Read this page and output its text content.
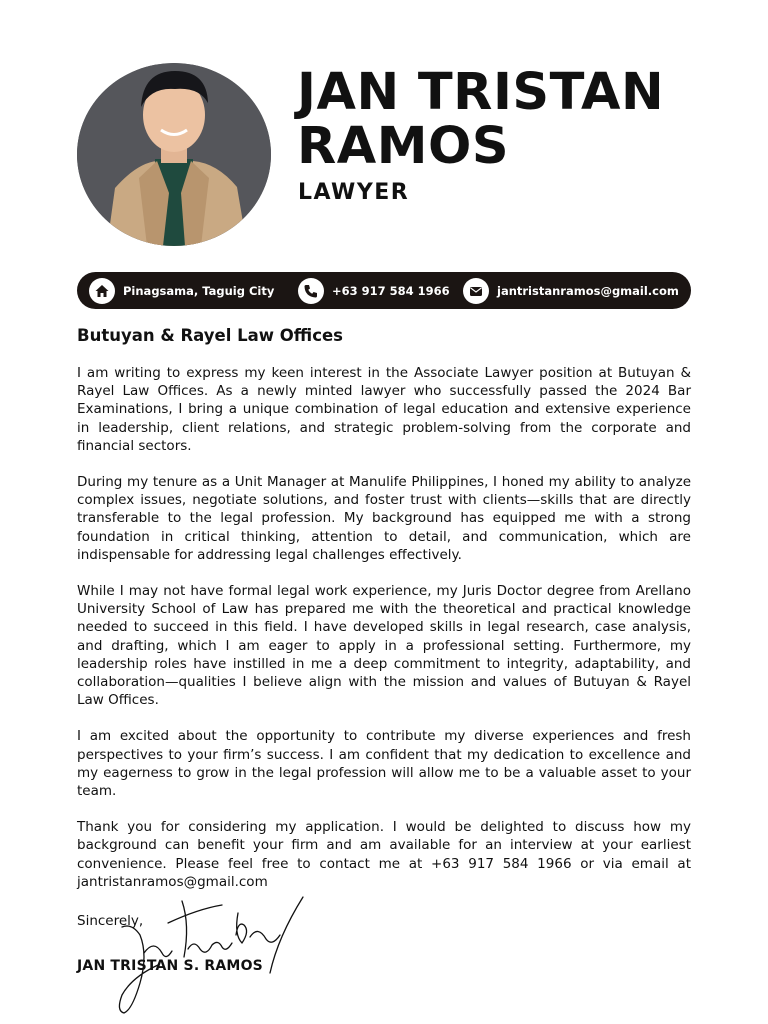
JAN TRISTAN RAMOS
LAWYER
Pinagsama, Taguig City	+63 917 584 1966	jantristanramos@gmail.com
Butuyan & Rayel Law Offices

I am writing to express my keen interest in the Associate Lawyer position at Butuyan & Rayel Law Offices. As a newly minted lawyer who successfully passed the 2024 Bar Examinations, I bring a unique combination of legal education and extensive experience in leadership, client relations, and strategic problem-solving from the corporate and financial sectors.

During my tenure as a Unit Manager at Manulife Philippines, I honed my ability to analyze complex issues, negotiate solutions, and foster trust with clients—skills that are directly transferable to the legal profession. My background has equipped me with a strong foundation in critical thinking, attention to detail, and communication, which are indispensable for addressing legal challenges effectively.

While I may not have formal legal work experience, my Juris Doctor degree from Arellano University School of Law has prepared me with the theoretical and practical knowledge needed to succeed in this field. I have developed skills in legal research, case analysis, and drafting, which I am eager to apply in a professional setting. Furthermore, my leadership roles have instilled in me a deep commitment to integrity, adaptability, and collaboration—qualities I believe align with the mission and values of Butuyan & Rayel Law Offices.

I am excited about the opportunity to contribute my diverse experiences and fresh perspectives to your firm’s success. I am confident that my dedication to excellence and my eagerness to grow in the legal profession will allow me to be a valuable asset to your team.

Thank you for considering my application. I would be delighted to discuss how my background can benefit your firm and am available for an interview at your earliest convenience. Please feel free to contact me at +63 917 584 1966 or via email at jantristanramos@gmail.com

Sincerely,
JAN TRISTAN S. RAMOS
